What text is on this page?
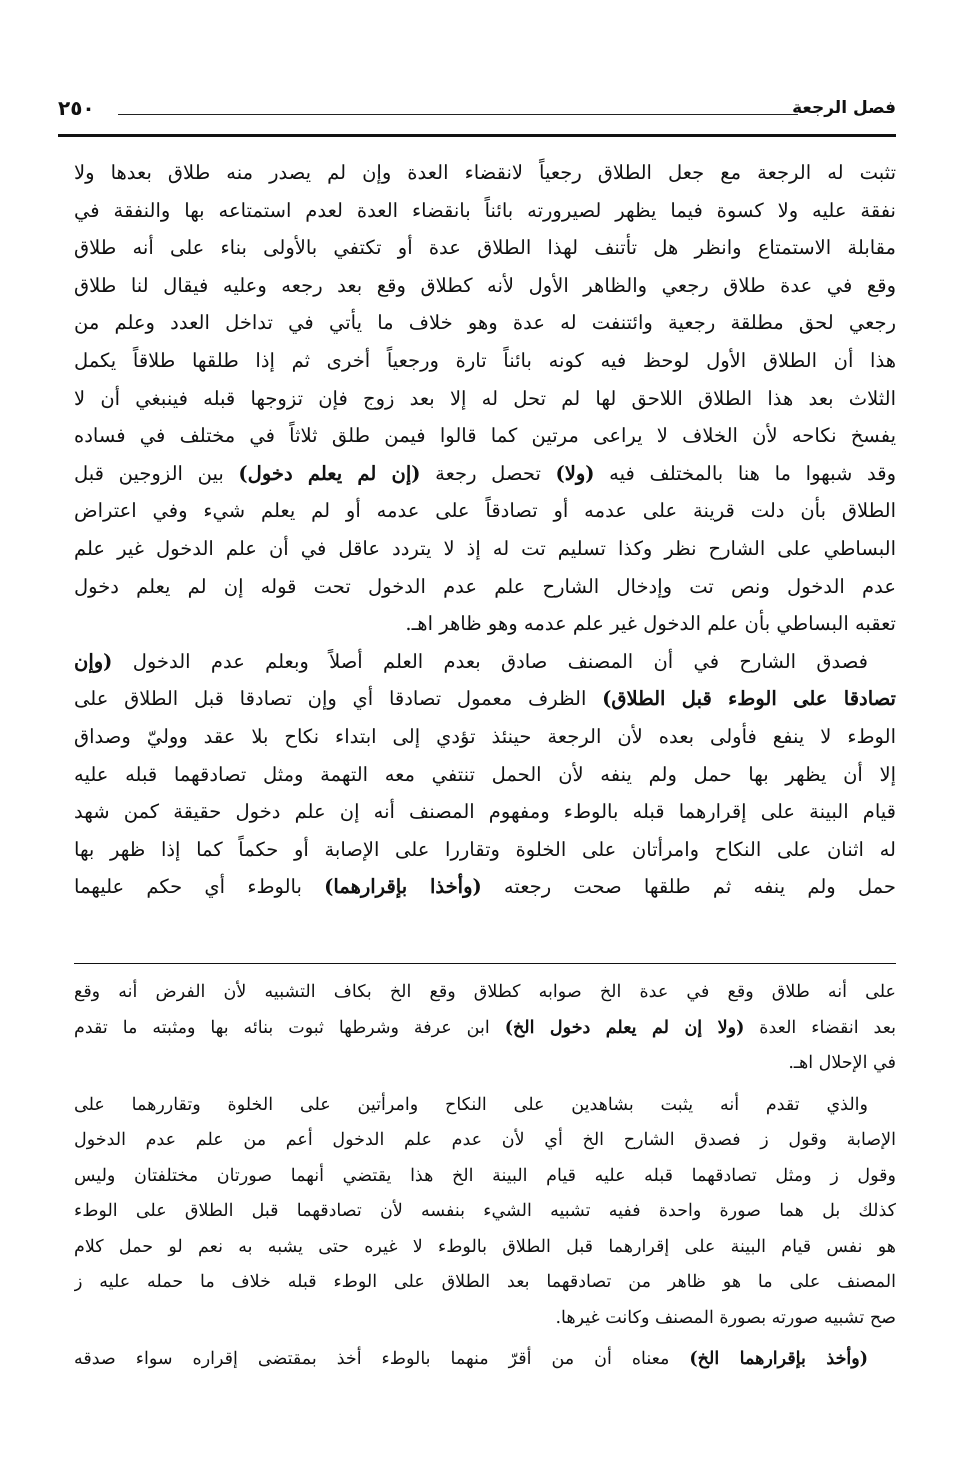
فصل الرجعة
٢٥٠
تثبت له الرجعة مع جعل الطلاق رجعياً لانقضاء العدة وإن لم يصدر منه طلاق بعدها ولا
نفقة عليه ولا كسوة فيما يظهر لصيرورته بائناً بانقضاء العدة لعدم استمتاعه بها والنفقة في
مقابلة الاستمتاع وانظر هل تأتنف لهذا الطلاق عدة أو تكتفي بالأولى بناء على أنه طلاق
وقع في عدة طلاق رجعي والظاهر الأول لأنه كطلاق وقع بعد رجعه وعليه فيقال لنا طلاق
رجعي لحق مطلقة رجعية وائتنفت له عدة وهو خلاف ما يأتي في تداخل العدد وعلم من
هذا أن الطلاق الأول لوحظ فيه كونه بائناً تارة ورجعياً أخرى ثم إذا طلقها طلاقاً يكمل
الثلاث بعد هذا الطلاق اللاحق لها لم تحل له إلا بعد زوج فإن تزوجها قبله فينبغي أن لا
يفسخ نكاحه لأن الخلاف لا يراعى مرتين كما قالوا فيمن طلق ثلاثاً في مختلف في فساده
وقد شبهوا ما هنا بالمختلف فيه (ولا) تحصل رجعة (إن لم يعلم دخول) بين الزوجين قبل
الطلاق بأن دلت قرينة على عدمه أو تصادقاً على عدمه أو لم يعلم شيء وفي اعتراض
البساطي على الشارح نظر وكذا تسليم تت له إذ لا يتردد عاقل في أن علم الدخول غير علم
عدم الدخول ونص تت وإدخال الشارح علم عدم الدخول تحت قوله إن لم يعلم دخول
تعقبه البساطي بأن علم الدخول غير علم عدمه وهو ظاهر اهـ.
فصدق الشارح في أن المصنف صادق بعدم العلم أصلاً وبعلم عدم الدخول (وإن
تصادقا على الوطء قبل الطلاق) الظرف معمول تصادقا أي وإن تصادقا قبل الطلاق على
الوطء لا ينفع فأولى بعده لأن الرجعة حينئذ تؤدي إلى ابتداء نكاح بلا عقد ووليّ وصداق
إلا أن يظهر بها حمل ولم ينفه لأن الحمل تنتفي معه التهمة ومثل تصادقهما قبله عليه
قيام البينة على إقرارهما قبله بالوطء ومفهوم المصنف أنه إن علم دخول حقيقة كمن شهد
له اثنان على النكاح وامرأتان على الخلوة وتقاررا على الإصابة أو حكماً كما إذا ظهر بها
حمل ولم ينفه ثم طلقها صحت رجعته (وأخذا بإقرارهما) بالوطء أي حكم عليهما
على أنه طلاق وقع في عدة الخ صوابه كطلاق وقع الخ بكاف التشبيه لأن الفرض أنه وقع
بعد انقضاء العدة (ولا إن لم يعلم دخول الخ) ابن عرفة وشرطها ثبوت بنائه بها ومثبته ما تقدم
في الإحلال اهـ.
والذي تقدم أنه يثبت بشاهدين على النكاح وامرأتين على الخلوة وتقاررهما على
الإصابة وقول ز فصدق الشارح الخ أي لأن عدم علم الدخول أعم من علم عدم الدخول
وقول ز ومثل تصادقهما قبله عليه قيام البينة الخ هذا يقتضي أنهما صورتان مختلفتان وليس
كذلك بل هما صورة واحدة ففيه تشبيه الشيء بنفسه لأن تصادقهما قبل الطلاق على الوطء
هو نفس قيام البينة على إقرارهما قبل الطلاق بالوطء لا غيره حتى يشبه به نعم لو حمل كلام
المصنف على ما هو ظاهر من تصادقهما بعد الطلاق على الوطء قبله خلاف ما حمله عليه ز
صح تشبيه صورته بصورة المصنف وكانت غيرها.
(وأخذ بإقرارهما الخ) معناه أن من أقرّ منهما بالوطء أخذ بمقتضى إقراره سواء صدقه
